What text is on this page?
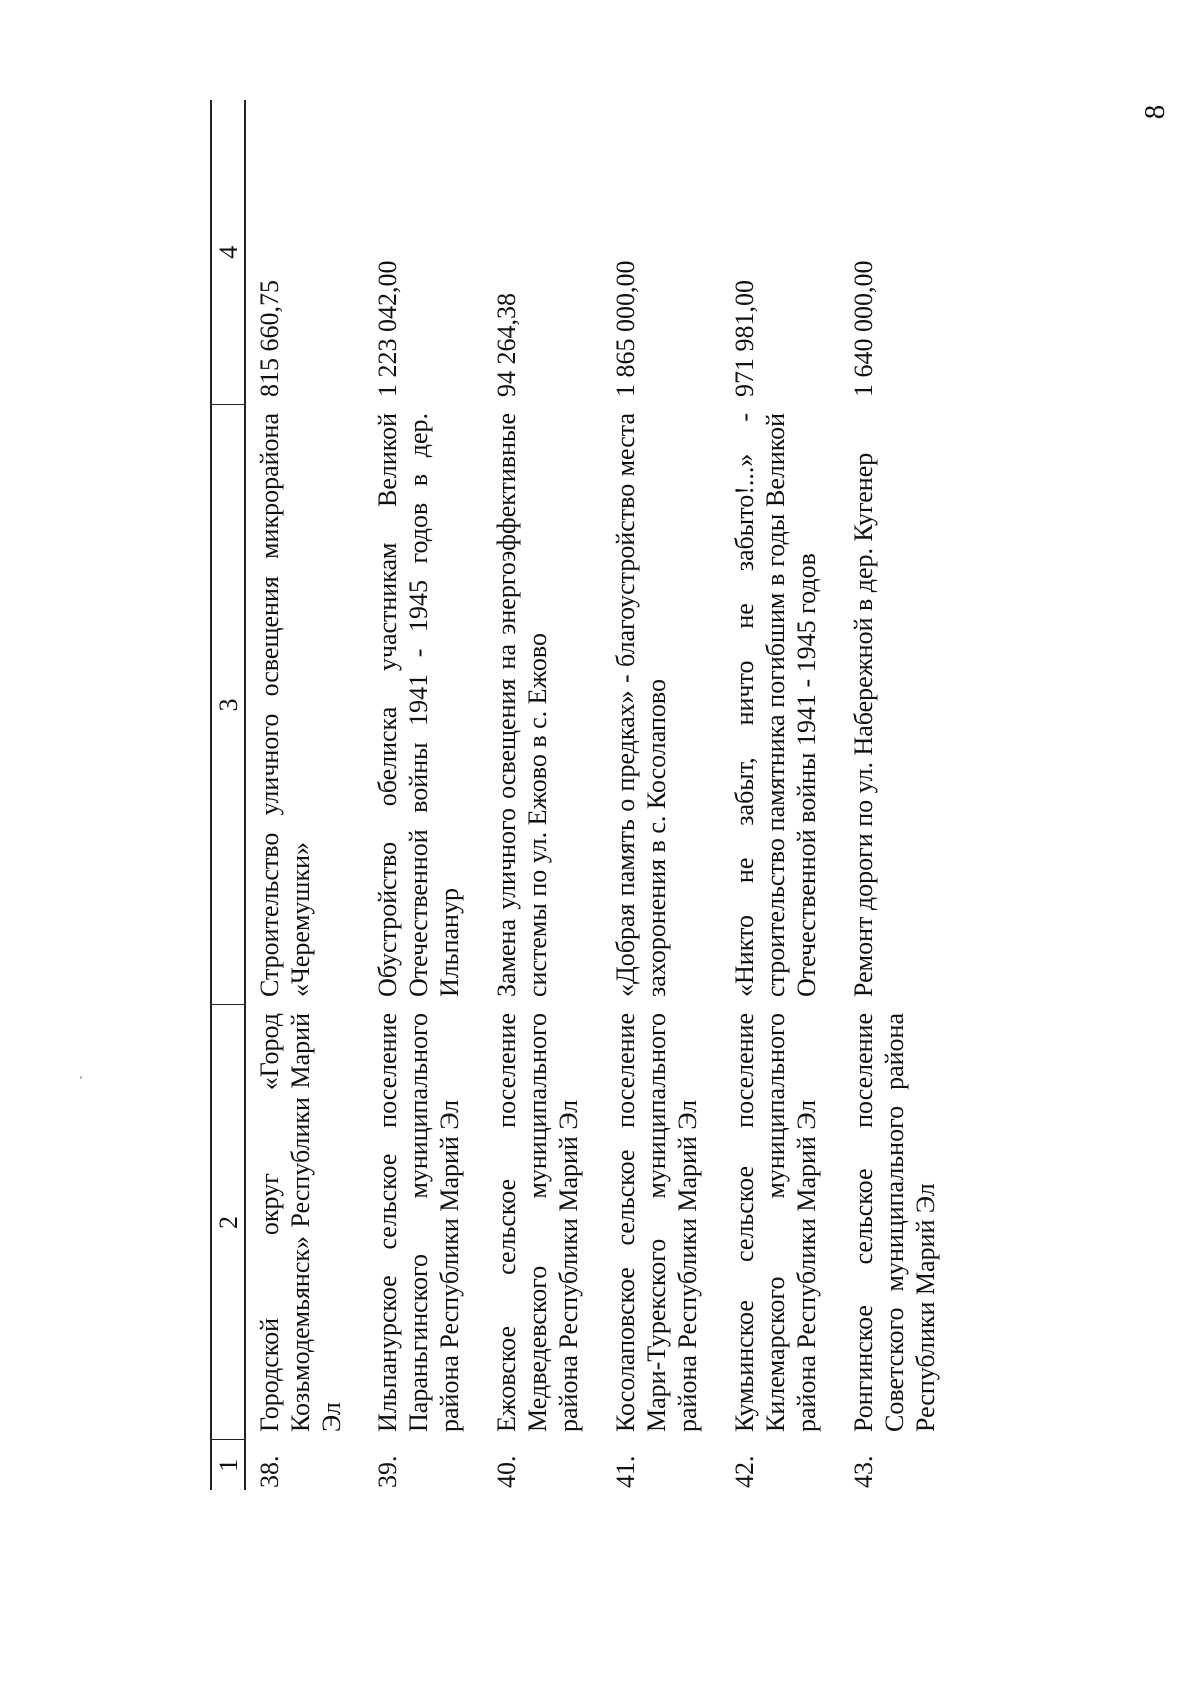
8
1	2	3	4
38.	Городской округ «Город Козьмодемьянск» Республики Марий Эл	Строительство уличного освещения микрорайона «Черемушки»	815 660,75
39.	Ильпанурское сельское поселение Параньгинского муниципального района Республики Марий Эл	Обустройство обелиска участникам Великой Отечественной войны 1941 - 1945 годов в дер. Ильпанур	1 223 042,00
40.	Ежовское сельское поселение Медведевского муниципального района Республики Марий Эл	Замена уличного освещения на энергоэффективные системы по ул. Ежово в с. Ежово	94 264,38
41.	Косолаповское сельское поселение Мари-Турекского муниципального района Республики Марий Эл	«Добрая память о предках» - благоустройство места захоронения в с. Косолапово	1 865 000,00
42.	Кумьинское сельское поселение Килемарского муниципального района Республики Марий Эл	«Никто не забыт, ничто не забыто!...» - строительство памятника погибшим в годы Великой Отечественной войны 1941 - 1945 годов	971 981,00
43.	Ронгинское сельское поселение Советского муниципального района Республики Марий Эл	Ремонт дороги по ул. Набережной в дер. Кугенер	1 640 000,00
